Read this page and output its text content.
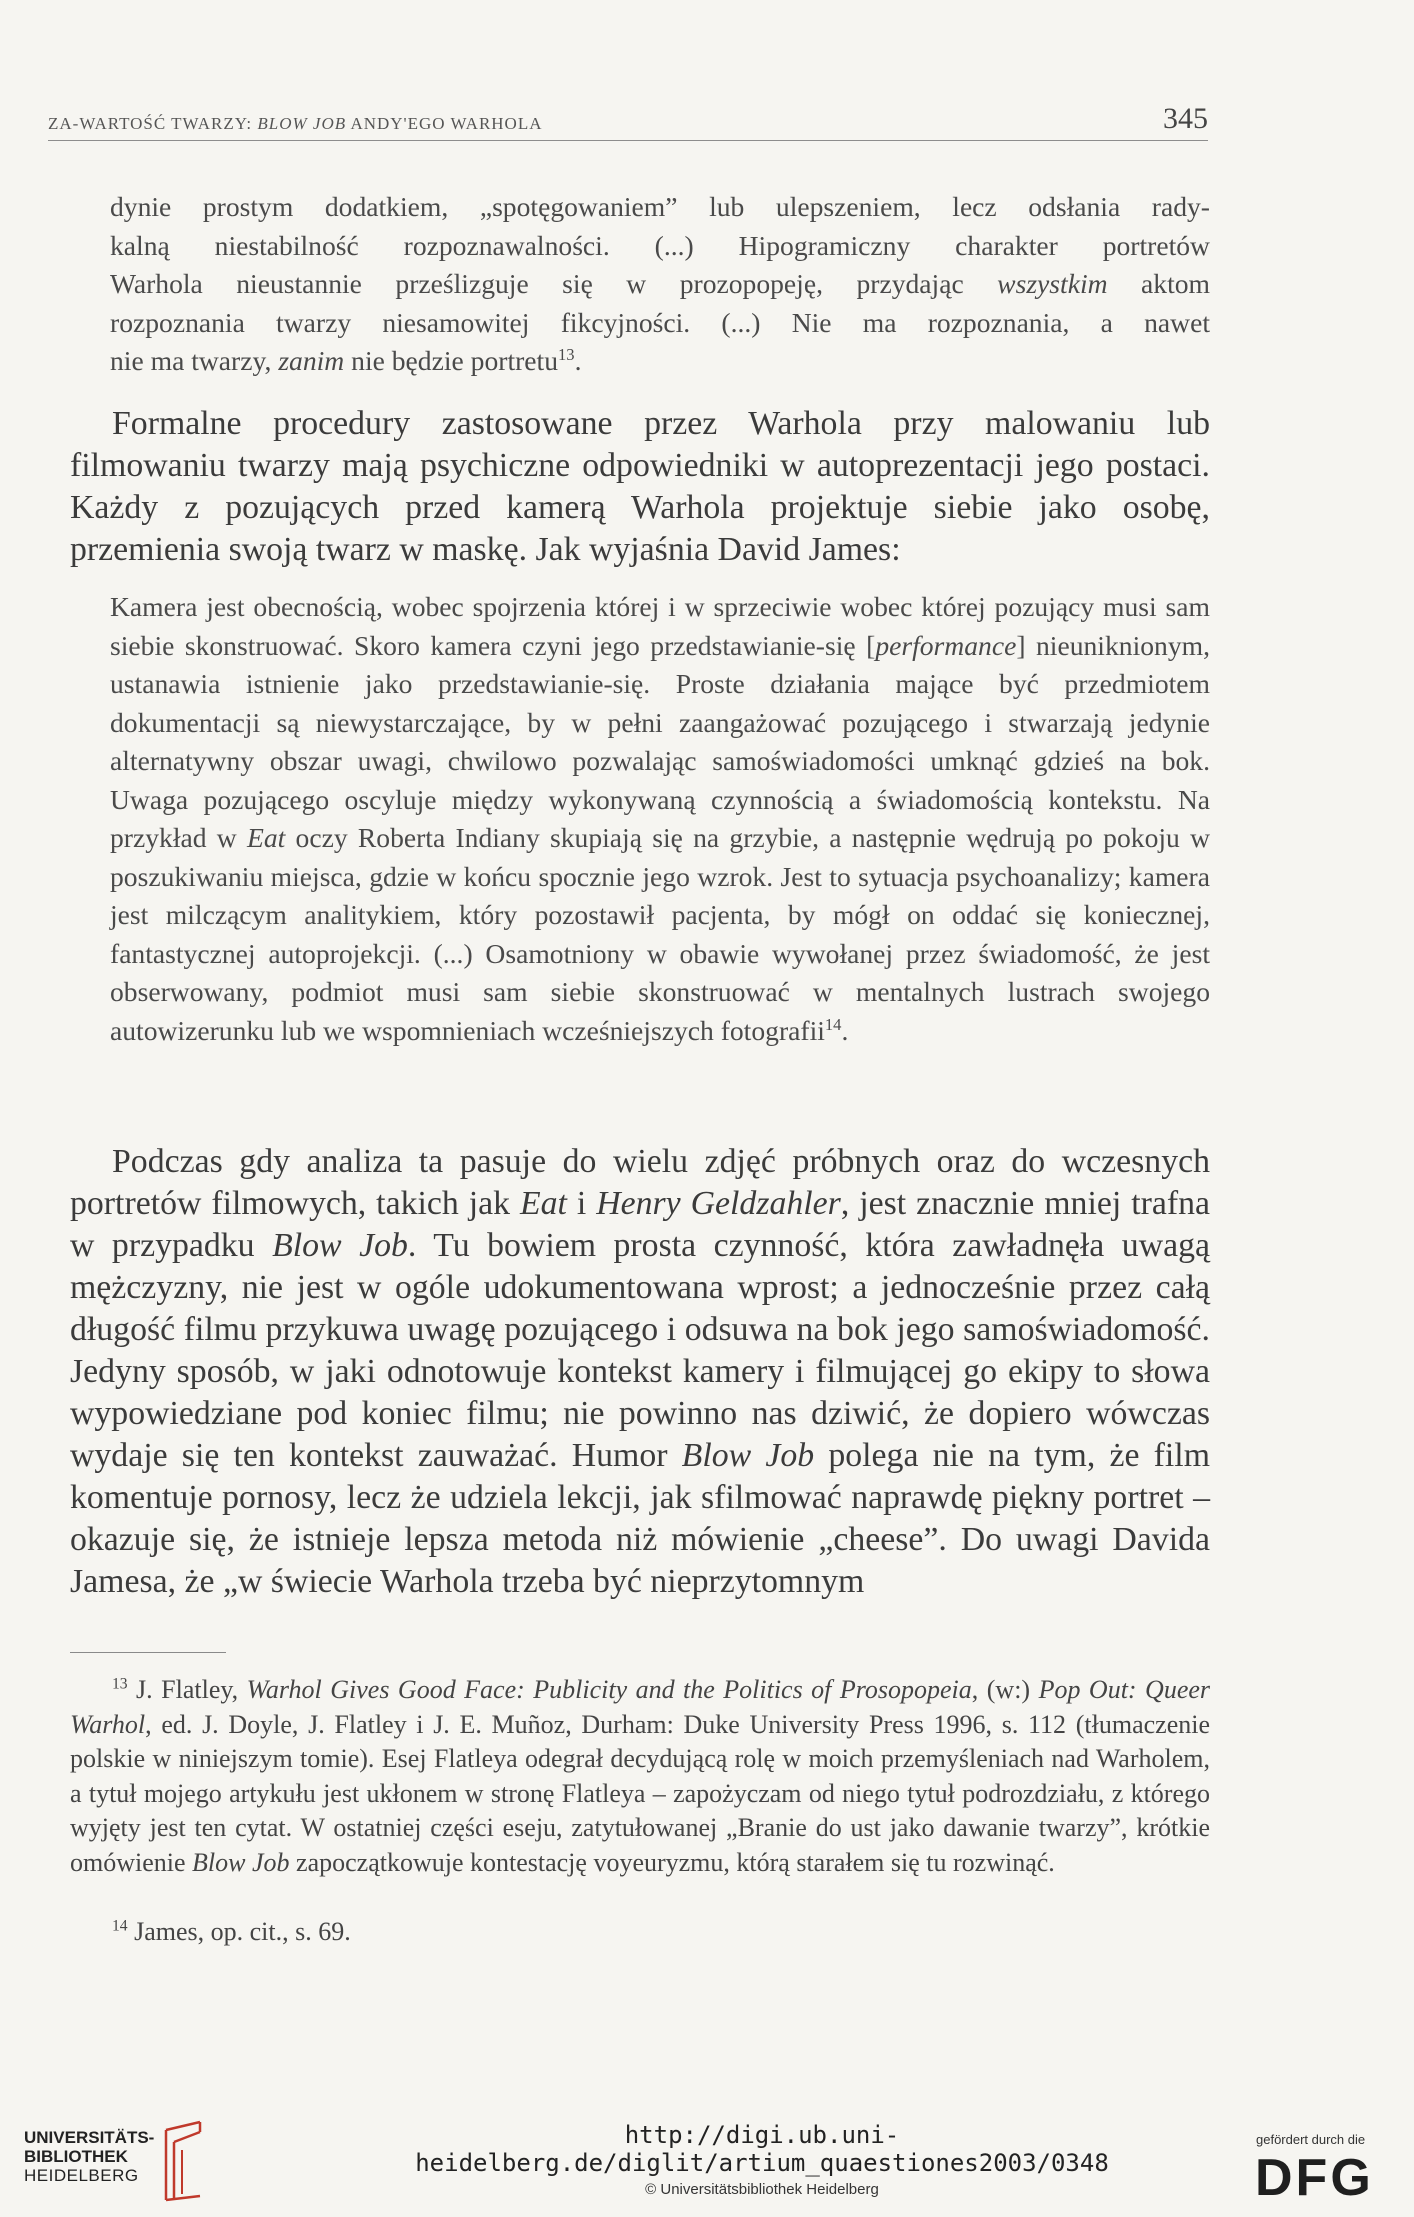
ZA-WARTOŚĆ TWARZY: BLOW JOB ANDY'EGO WARHOLA	345
dynie prostym dodatkiem, „spotęgowaniem” lub ulepszeniem, lecz odsłania rady-
kalną niestabilność rozpoznawalności. (...) Hipogramiczny charakter portretów
Warhola nieustannie prześlizguje się w prozopopeję, przydając wszystkim aktom
rozpoznania twarzy niesamowitej fikcyjności. (...) Nie ma rozpoznania, a nawet
nie ma twarzy, zanim nie będzie portretu$^{13}$.

Formalne procedury zastosowane przez Warhola przy malowaniu lub filmowaniu twarzy mają psychiczne odpowiedniki w autoprezentacji jego postaci. Każdy z pozujących przed kamerą Warhola projektuje siebie jako osobę, przemienia swoją twarz w maskę. Jak wyjaśnia David James:

Kamera jest obecnością, wobec spojrzenia której i w sprzeciwie wobec której pozujący musi sam siebie skonstruować. Skoro kamera czyni jego przedstawianie-się [performance] nieuniknionym, ustanawia istnienie jako przedstawianie-się. Proste działania mające być przedmiotem dokumentacji są niewystarczające, by w pełni zaangażować pozującego i stwarzają jedynie alternatywny obszar uwagi, chwilowo pozwalając samoświadomości umknąć gdzieś na bok. Uwaga pozującego oscyluje między wykonywaną czynnością a świadomością kontekstu. Na przykład w Eat oczy Roberta Indiany skupiają się na grzybie, a następnie wędrują po pokoju w poszukiwaniu miejsca, gdzie w końcu spocznie jego wzrok. Jest to sytuacja psychoanalizy; kamera jest milczącym analitykiem, który pozostawił pacjenta, by mógł on oddać się koniecznej, fantastycznej autoprojekcji. (...) Osamotniony w obawie wywołanej przez świadomość, że jest obserwowany, podmiot musi sam siebie skonstruować w mentalnych lustrach swojego autowizerunku lub we wspomnieniach wcześniejszych fotografii$^{14}$.

Podczas gdy analiza ta pasuje do wielu zdjęć próbnych oraz do wczesnych portretów filmowych, takich jak Eat i Henry Geldzahler, jest znacznie mniej trafna w przypadku Blow Job. Tu bowiem prosta czynność, która zawładnęła uwagą mężczyzny, nie jest w ogóle udokumentowana wprost; a jednocześnie przez całą długość filmu przykuwa uwagę pozującego i odsuwa na bok jego samoświadomość. Jedyny sposób, w jaki odnotowuje kontekst kamery i filmującej go ekipy to słowa wypowiedziane pod koniec filmu; nie powinno nas dziwić, że dopiero wówczas wydaje się ten kontekst zauważać. Humor Blow Job polega nie na tym, że film komentuje pornosy, lecz że udziela lekcji, jak sfilmować naprawdę piękny portret – okazuje się, że istnieje lepsza metoda niż mówienie „cheese”. Do uwagi Davida Jamesa, że „w świecie Warhola trzeba być nieprzytomnym

$^{13}$ J. Flatley, Warhol Gives Good Face: Publicity and the Politics of Prosopopeia, (w:) Pop Out: Queer Warhol, ed. J. Doyle, J. Flatley i J. E. Muñoz, Durham: Duke University Press 1996, s. 112 (tłumaczenie polskie w niniejszym tomie). Esej Flatleya odegrał decydującą rolę w moich przemyśleniach nad Warholem, a tytuł mojego artykułu jest ukłonem w stronę Flatleya – zapożyczam od niego tytuł podrozdziału, z którego wyjęty jest ten cytat. W ostatniej części eseju, zatytułowanej „Branie do ust jako dawanie twarzy”, krótkie omówienie Blow Job zapoczątkowuje kontestację voyeuryzmu, którą starałem się tu rozwinąć.

$^{14}$ James, op. cit., s. 69.

UNIVERSITÄTS-
BIBLIOTHEK
HEIDELBERG
http://digi.ub.uni-heidelberg.de/diglit/artium_quaestiones2003/0348
© Universitätsbibliothek Heidelberg
gefördert durch die
DFG
